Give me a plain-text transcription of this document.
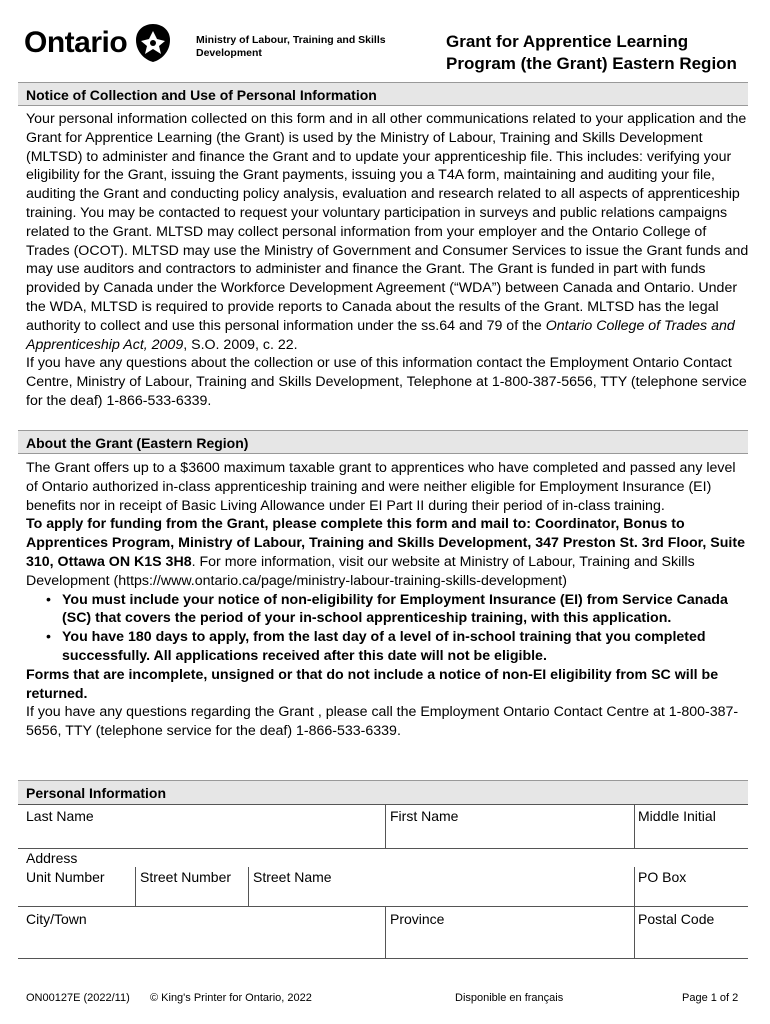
Ontario	Ministry of Labour, Training and Skills Development
Grant for Apprentice Learning Program (the Grant) Eastern Region
Notice of Collection and Use of Personal Information

Your personal information collected on this form and in all other communications related to your application and the Grant for Apprentice Learning (the Grant) is used by the Ministry of Labour, Training and Skills Development (MLTSD) to administer and finance the Grant and to update your apprenticeship file. This includes: verifying your eligibility for the Grant, issuing the Grant payments, issuing you a T4A form, maintaining and auditing your file, auditing the Grant and conducting policy analysis, evaluation and research related to all aspects of apprenticeship training. You may be contacted to request your voluntary participation in surveys and public relations campaigns related to the Grant. MLTSD may collect personal information from your employer and the Ontario College of Trades (OCOT). MLTSD may use the Ministry of Government and Consumer Services to issue the Grant funds and may use auditors and contractors to administer and finance the Grant. The Grant is funded in part with funds provided by Canada under the Workforce Development Agreement (“WDA”) between Canada and Ontario. Under the WDA, MLTSD is required to provide reports to Canada about the results of the Grant. MLTSD has the legal authority to collect and use this personal information under the ss.64 and 79 of the Ontario College of Trades and Apprenticeship Act, 2009, S.O. 2009, c. 22.

If you have any questions about the collection or use of this information contact the Employment Ontario Contact Centre, Ministry of Labour, Training and Skills Development, Telephone at 1-800-387-5656, TTY (telephone service for the deaf) 1-866-533-6339.

About the Grant (Eastern Region)

The Grant offers up to a $3600 maximum taxable grant to apprentices who have completed and passed any level of Ontario authorized in-class apprenticeship training and were neither eligible for Employment Insurance (EI) benefits nor in receipt of Basic Living Allowance under EI Part II during their period of in-class training.

To apply for funding from the Grant, please complete this form and mail to: Coordinator, Bonus to Apprentices Program, Ministry of Labour, Training and Skills Development, 347 Preston St. 3rd Floor, Suite 310, Ottawa ON K1S 3H8. For more information, visit our website at Ministry of Labour, Training and Skills Development (https://www.ontario.ca/page/ministry-labour-training-skills-development)

• You must include your notice of non-eligibility for Employment Insurance (EI) from Service Canada (SC) that covers the period of your in-school apprenticeship training, with this application.
• You have 180 days to apply, from the last day of a level of in-school training that you completed successfully. All applications received after this date will not be eligible.

Forms that are incomplete, unsigned or that do not include a notice of non-EI eligibility from SC will be returned.

If you have any questions regarding the Grant , please call the Employment Ontario Contact Centre at 1-800-387-5656, TTY (telephone service for the deaf) 1-866-533-6339.

Personal Information
Last Name	First Name	Middle Initial
Address
Unit Number	Street Number Street Name	PO Box
City/Town	Province	Postal Code
ON00127E (2022/11) © King's Printer for Ontario, 2022	Disponible en français	Page 1 of 2
